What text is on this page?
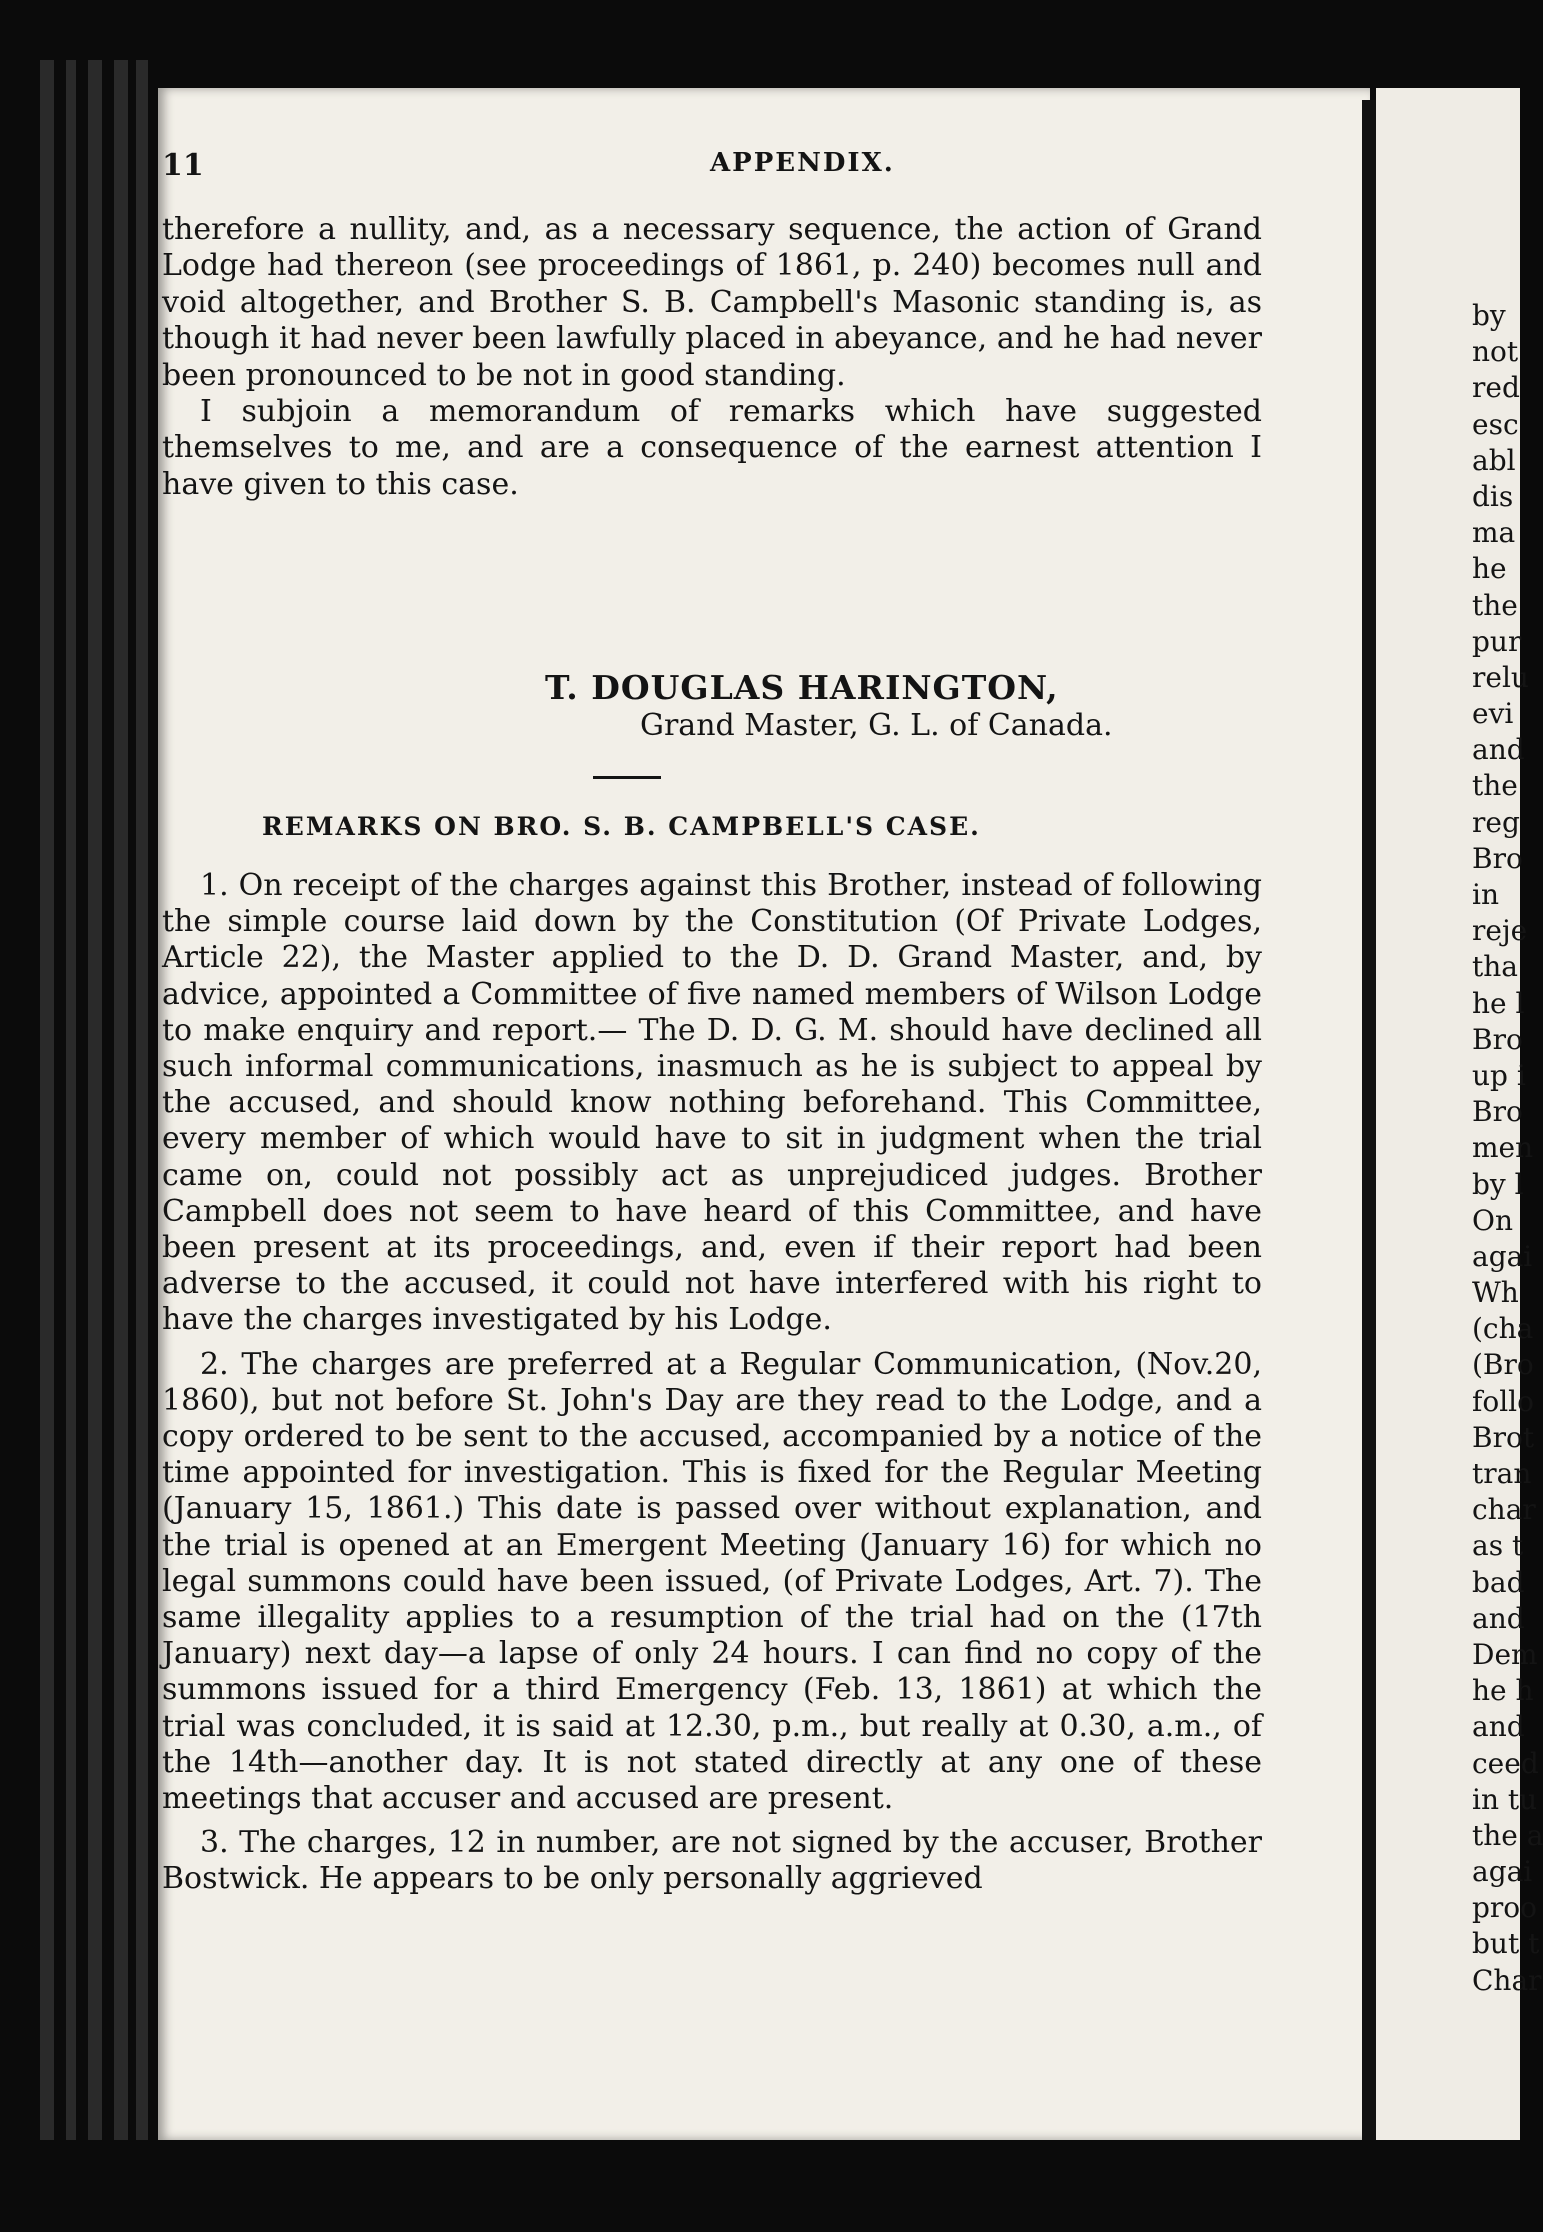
11	APPENDIX.

therefore a nullity, and, as a necessary sequence, the action of Grand Lodge had thereon (see proceedings of 1861, p. 240) becomes null and void altogether, and Brother S. B. Campbell's Masonic standing is, as though it had never been lawfully placed in abeyance, and he had never been pronounced to be not in good standing.

I subjoin a memorandum of remarks which have suggested themselves to me, and are a consequence of the earnest attention I have given to this case.

T. DOUGLAS HARINGTON,
Grand Master, G. L. of Canada.
REMARKS ON BRO. S. B. CAMPBELL'S CASE.

1. On receipt of the charges against this Brother, instead of following the simple course laid down by the Constitution (Of Private Lodges, Article 22), the Master applied to the D. D. Grand Master, and, by advice, appointed a Committee of five named members of Wilson Lodge to make enquiry and report.— The D. D. G. M. should have declined all such informal communications, inasmuch as he is subject to appeal by the accused, and should know nothing beforehand. This Committee, every member of which would have to sit in judgment when the trial came on, could not possibly act as unprejudiced judges. Brother Campbell does not seem to have heard of this Committee, and have been present at its proceedings, and, even if their report had been adverse to the accused, it could not have interfered with his right to have the charges investigated by his Lodge.

2. The charges are preferred at a Regular Communication, (Nov.20, 1860), but not before St. John's Day are they read to the Lodge, and a copy ordered to be sent to the accused, accompanied by a notice of the time appointed for investigation. This is fixed for the Regular Meeting (January 15, 1861.) This date is passed over without explanation, and the trial is opened at an Emergent Meeting (January 16) for which no legal summons could have been issued, (of Private Lodges, Art. 7). The same illegality applies to a resumption of the trial had on the (17th January) next day—a lapse of only 24 hours. I can find no copy of the summons issued for a third Emergency (Feb. 13, 1861) at which the trial was concluded, it is said at 12.30, p.m., but really at 0.30, a.m., of the 14th—another day. It is not stated directly at any one of these meetings that accuser and accused are present.

3. The charges, 12 in number, are not signed by the accuser, Brother Bostwick. He appears to be only personally aggrieved

by
not
red
esc
abl
dis
ma
he
the
pur
relu
evi
and
the
reg
Bro
in
reje
tha
he l
Bro
up i
Bro
men
by l
On
agai
Wh
(cha
(Bro
follo
Brot
tran
char
as t
bad
and
Dem
he h
and
ceed
in tu
the a
agai
proo
but t
Char
